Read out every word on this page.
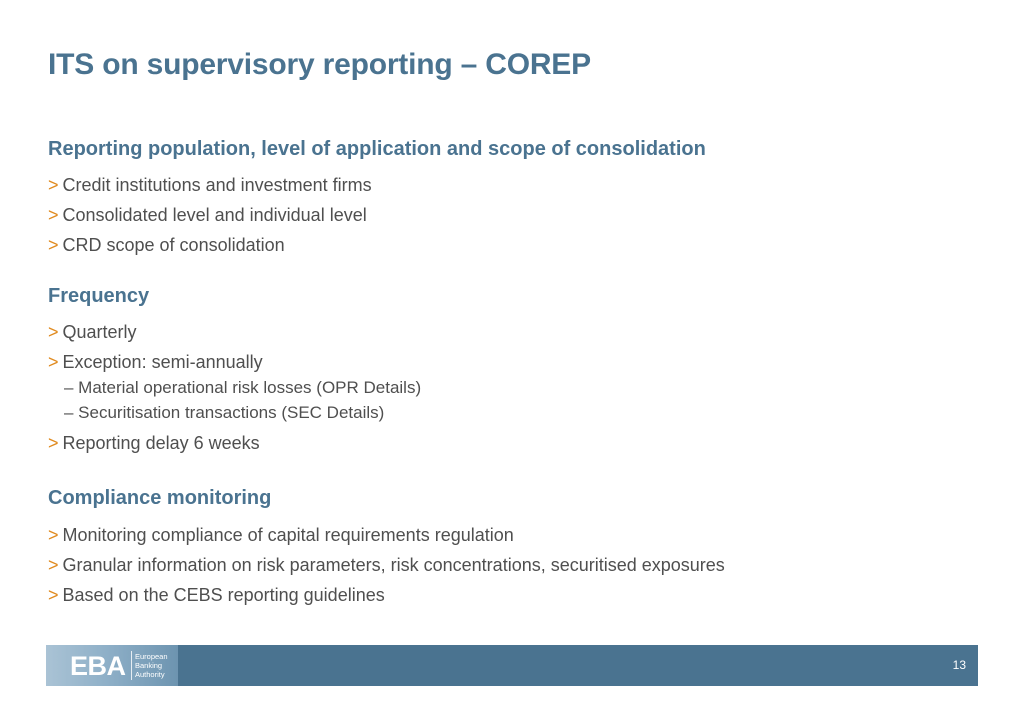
ITS on supervisory reporting – COREP
Reporting population, level of application and scope of consolidation
> Credit institutions and investment firms
> Consolidated level and individual level
> CRD scope of consolidation
Frequency
> Quarterly
> Exception: semi-annually
– Material operational risk losses (OPR Details)
– Securitisation transactions (SEC Details)
> Reporting delay 6 weeks
Compliance monitoring
> Monitoring compliance of capital requirements regulation
> Granular information on risk parameters, risk concentrations, securitised exposures
> Based on the CEBS reporting guidelines
EBA European
Banking
Authority
13
